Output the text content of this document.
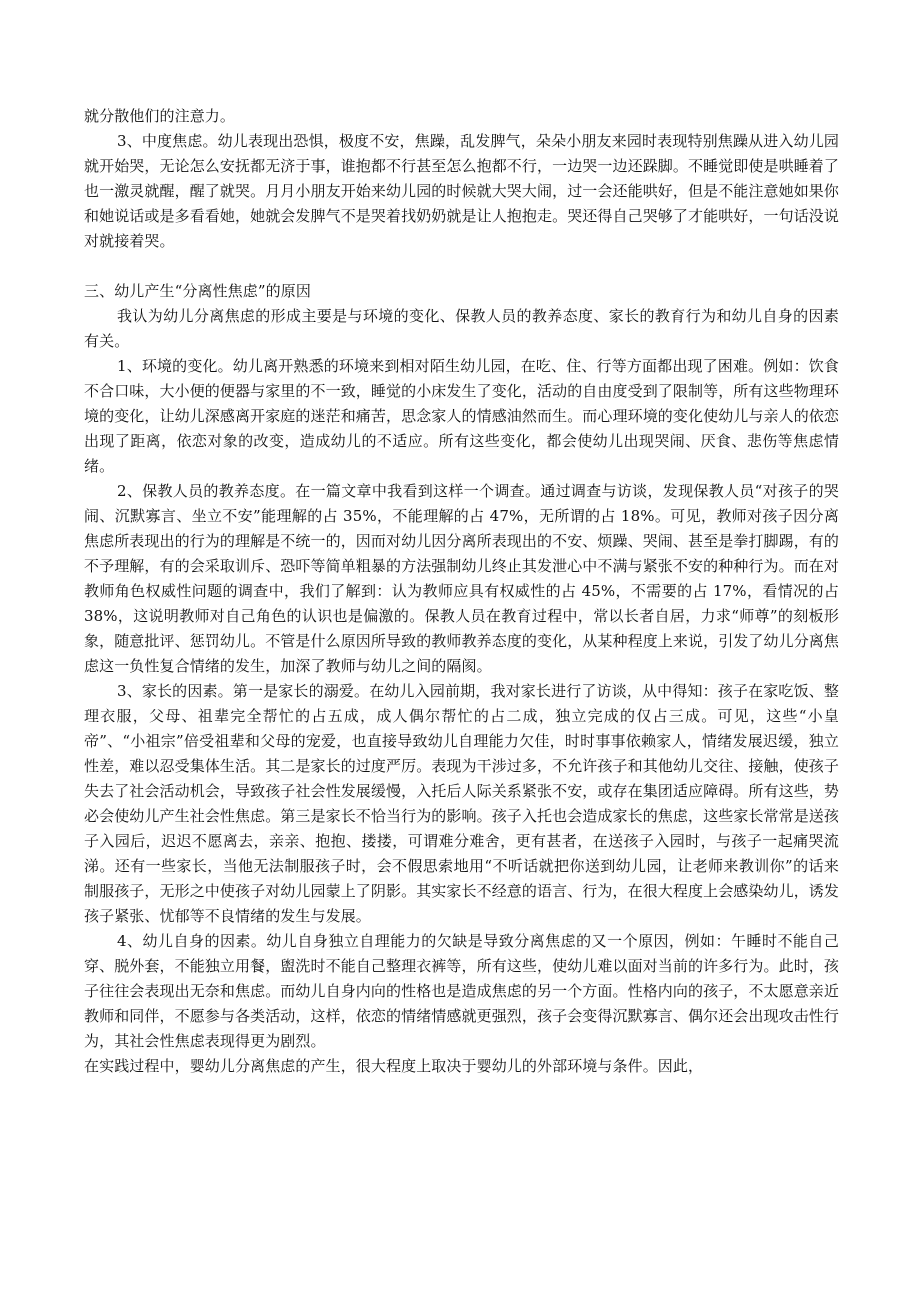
就分散他们的注意力。

3、中度焦虑。幼儿表现出恐惧，极度不安，焦躁，乱发脾气，朵朵小朋友来园时表现特别焦躁从进入幼儿园就开始哭，无论怎么安抚都无济于事，谁抱都不行甚至怎么抱都不行，一边哭一边还跺脚。不睡觉即使是哄睡着了也一激灵就醒，醒了就哭。月月小朋友开始来幼儿园的时候就大哭大闹，过一会还能哄好，但是不能注意她如果你和她说话或是多看看她，她就会发脾气不是哭着找奶奶就是让人抱抱走。哭还得自己哭够了才能哄好，一句话没说对就接着哭。

三、幼儿产生“分离性焦虑”的原因

我认为幼儿分离焦虑的形成主要是与环境的变化、保教人员的教养态度、家长的教育行为和幼儿自身的因素有关。

1、环境的变化。幼儿离开熟悉的环境来到相对陌生幼儿园，在吃、住、行等方面都出现了困难。例如：饮食不合口味，大小便的便器与家里的不一致，睡觉的小床发生了变化，活动的自由度受到了限制等，所有这些物理环境的变化，让幼儿深感离开家庭的迷茫和痛苦，思念家人的情感油然而生。而心理环境的变化使幼儿与亲人的依恋出现了距离，依恋对象的改变，造成幼儿的不适应。所有这些变化，都会使幼儿出现哭闹、厌食、悲伤等焦虑情绪。

2、保教人员的教养态度。在一篇文章中我看到这样一个调查。通过调查与访谈，发现保教人员“对孩子的哭闹、沉默寡言、坐立不安”能理解的占 35%，不能理解的占 47%，无所谓的占 18%。可见，教师对孩子因分离焦虑所表现出的行为的理解是不统一的，因而对幼儿因分离所表现出的不安、烦躁、哭闹、甚至是拳打脚踢，有的不予理解，有的会采取训斥、恐吓等简单粗暴的方法强制幼儿终止其发泄心中不满与紧张不安的种种行为。而在对教师角色权威性问题的调查中，我们了解到：认为教师应具有权威性的占 45%，不需要的占 17%，看情况的占 38%，这说明教师对自己角色的认识也是偏激的。保教人员在教育过程中，常以长者自居，力求“师尊”的刻板形象，随意批评、惩罚幼儿。不管是什么原因所导致的教师教养态度的变化，从某种程度上来说，引发了幼儿分离焦虑这一负性复合情绪的发生，加深了教师与幼儿之间的隔阂。

3、家长的因素。第一是家长的溺爱。在幼儿入园前期，我对家长进行了访谈，从中得知：孩子在家吃饭、整理衣服，父母、祖辈完全帮忙的占五成，成人偶尔帮忙的占二成，独立完成的仅占三成。可见，这些“小皇帝”、“小祖宗”倍受祖辈和父母的宠爱，也直接导致幼儿自理能力欠佳，时时事事依赖家人，情绪发展迟缓，独立性差，难以忍受集体生活。其二是家长的过度严厉。表现为干涉过多，不允许孩子和其他幼儿交往、接触，使孩子失去了社会活动机会，导致孩子社会性发展缓慢，入托后人际关系紧张不安，或存在集团适应障碍。所有这些，势必会使幼儿产生社会性焦虑。第三是家长不恰当行为的影响。孩子入托也会造成家长的焦虑，这些家长常常是送孩子入园后，迟迟不愿离去，亲亲、抱抱、搂搂，可谓难分难舍，更有甚者，在送孩子入园时，与孩子一起痛哭流涕。还有一些家长，当他无法制服孩子时，会不假思索地用“不听话就把你送到幼儿园，让老师来教训你”的话来制服孩子，无形之中使孩子对幼儿园蒙上了阴影。其实家长不经意的语言、行为，在很大程度上会感染幼儿，诱发孩子紧张、忧郁等不良情绪的发生与发展。

4、幼儿自身的因素。幼儿自身独立自理能力的欠缺是导致分离焦虑的又一个原因，例如：午睡时不能自己穿、脱外套，不能独立用餐，盥洗时不能自己整理衣裤等，所有这些，使幼儿难以面对当前的许多行为。此时，孩子往往会表现出无奈和焦虑。而幼儿自身内向的性格也是造成焦虑的另一个方面。性格内向的孩子，不太愿意亲近教师和同伴，不愿参与各类活动，这样，依恋的情绪情感就更强烈，孩子会变得沉默寡言、偶尔还会出现攻击性行为，其社会性焦虑表现得更为剧烈。

在实践过程中，婴幼儿分离焦虑的产生，很大程度上取决于婴幼儿的外部环境与条件。因此，
